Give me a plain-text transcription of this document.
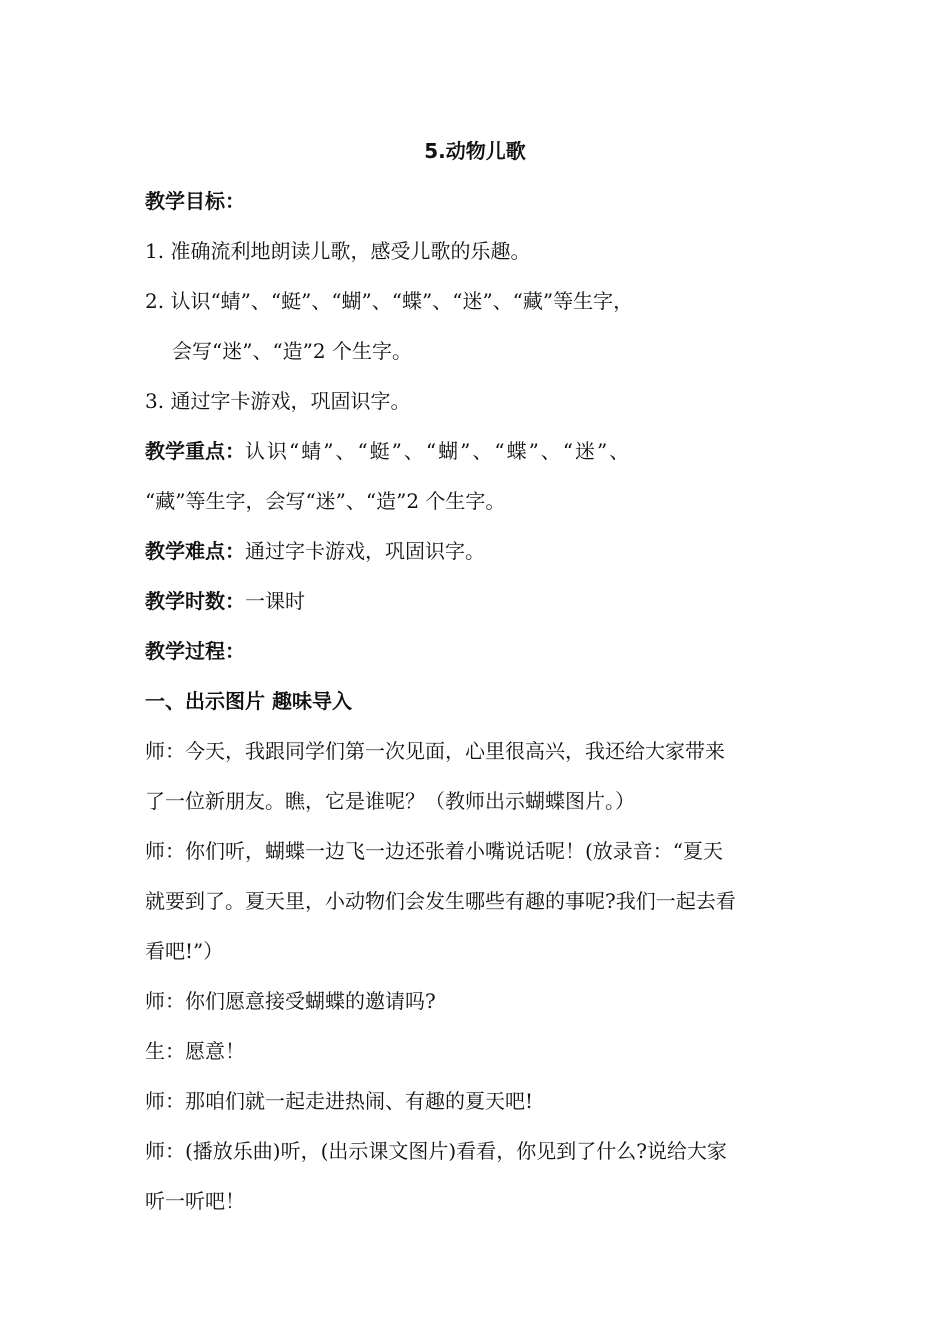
5.动物儿歌
教学目标：
1. 准确流利地朗读儿歌，感受儿歌的乐趣。
2. 认识“蜻”、“蜓”、“蝴”、“蝶”、“迷”、“藏”等生字，
会写“迷”、“造”2 个生字。
3. 通过字卡游戏，巩固识字。
教学重点：认识“蜻”、“蜓”、“蝴”、“蝶”、“迷”、
“藏”等生字，会写“迷”、“造”2 个生字。
教学难点：通过字卡游戏，巩固识字。
教学时数：一课时
教学过程：
一、出示图片 趣味导入
师：今天，我跟同学们第一次见面，心里很高兴，我还给大家带来
了一位新朋友。瞧，它是谁呢？（教师出示蝴蝶图片。）
师：你们听，蝴蝶一边飞一边还张着小嘴说话呢！(放录音：“夏天
就要到了。夏天里，小动物们会发生哪些有趣的事呢?我们一起去看
看吧!”）
师：你们愿意接受蝴蝶的邀请吗?
生：愿意！
师：那咱们就一起走进热闹、有趣的夏天吧!
师：(播放乐曲)听，(出示课文图片)看看，你见到了什么?说给大家
听一听吧！
